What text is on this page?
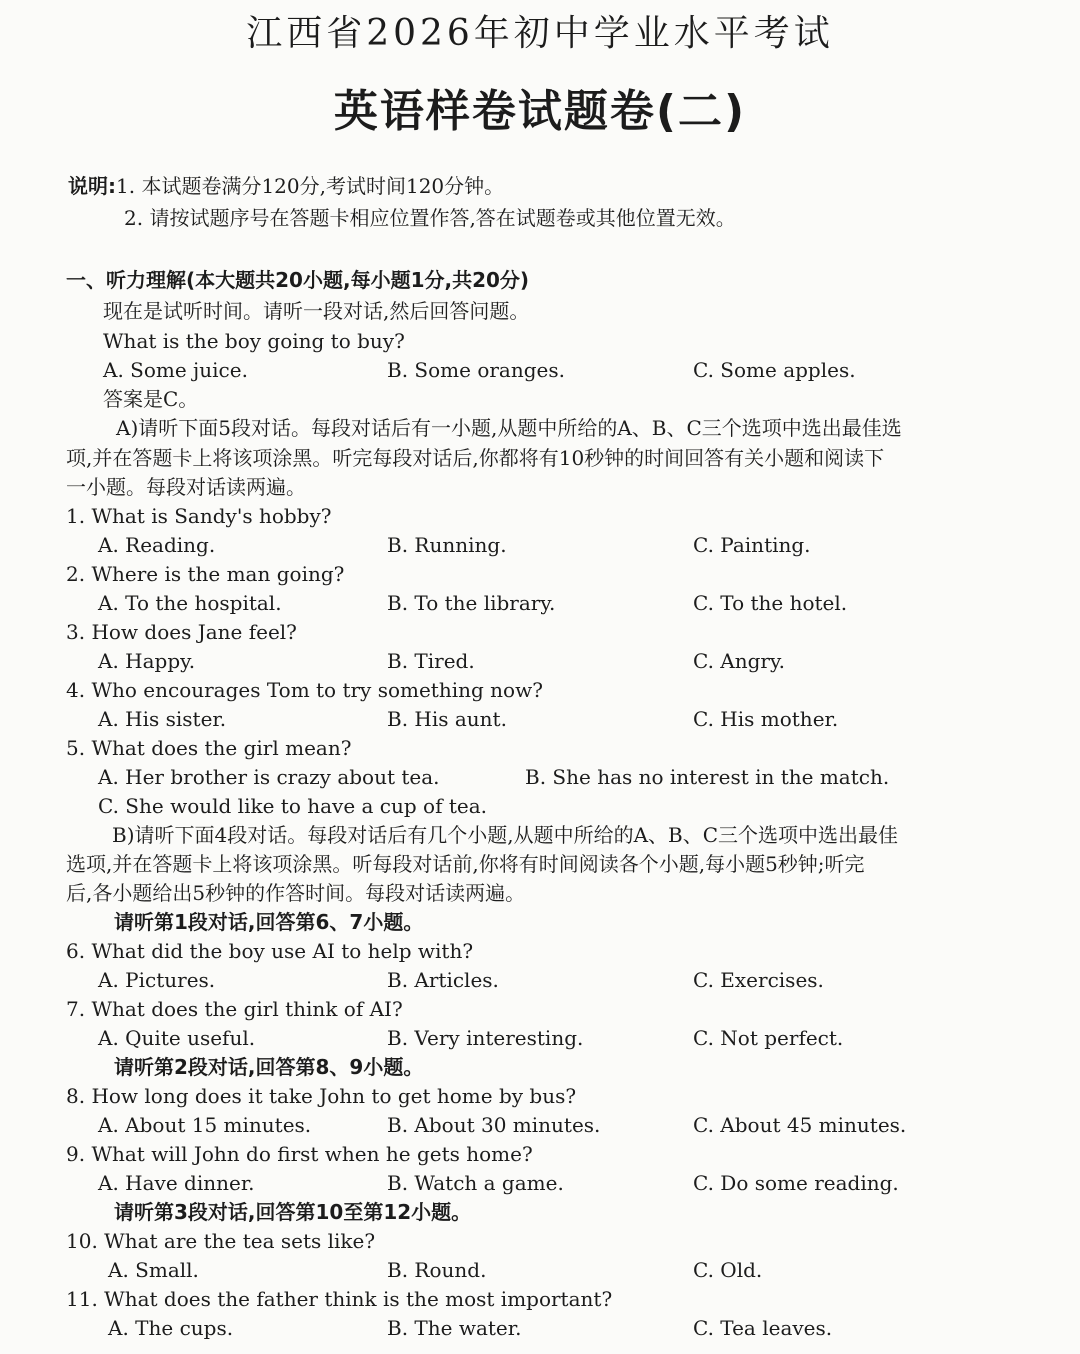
江西省2026年初中学业水平考试
英语样卷试题卷(二)
说明:1. 本试题卷满分120分,考试时间120分钟。
2. 请按试题序号在答题卡相应位置作答,答在试题卷或其他位置无效。
一、听力理解(本大题共20小题,每小题1分,共20分)
现在是试听时间。请听一段对话,然后回答问题。
What is the boy going to buy?
A. Some juice.	B. Some oranges.	C. Some apples.
答案是C。
A)请听下面5段对话。每段对话后有一小题,从题中所给的A、B、C三个选项中选出最佳选
项,并在答题卡上将该项涂黑。听完每段对话后,你都将有10秒钟的时间回答有关小题和阅读下
一小题。每段对话读两遍。
1. What is Sandy's hobby?
A. Reading.	B. Running.	C. Painting.
2. Where is the man going?
A. To the hospital.	B. To the library.	C. To the hotel.
3. How does Jane feel?
A. Happy.	B. Tired.	C. Angry.
4. Who encourages Tom to try something now?
A. His sister.	B. His aunt.	C. His mother.
5. What does the girl mean?
A. Her brother is crazy about tea.	B. She has no interest in the match.
C. She would like to have a cup of tea.
B)请听下面4段对话。每段对话后有几个小题,从题中所给的A、B、C三个选项中选出最佳
选项,并在答题卡上将该项涂黑。听每段对话前,你将有时间阅读各个小题,每小题5秒钟;听完
后,各小题给出5秒钟的作答时间。每段对话读两遍。
请听第1段对话,回答第6、7小题。
6. What did the boy use AI to help with?
A. Pictures.	B. Articles.	C. Exercises.
7. What does the girl think of AI?
A. Quite useful.	B. Very interesting.	C. Not perfect.
请听第2段对话,回答第8、9小题。
8. How long does it take John to get home by bus?
A. About 15 minutes.	B. About 30 minutes.	C. About 45 minutes.
9. What will John do first when he gets home?
A. Have dinner.	B. Watch a game.	C. Do some reading.
请听第3段对话,回答第10至第12小题。
10. What are the tea sets like?
A. Small.	B. Round.	C. Old.
11. What does the father think is the most important?
A. The cups.	B. The water.	C. Tea leaves.
